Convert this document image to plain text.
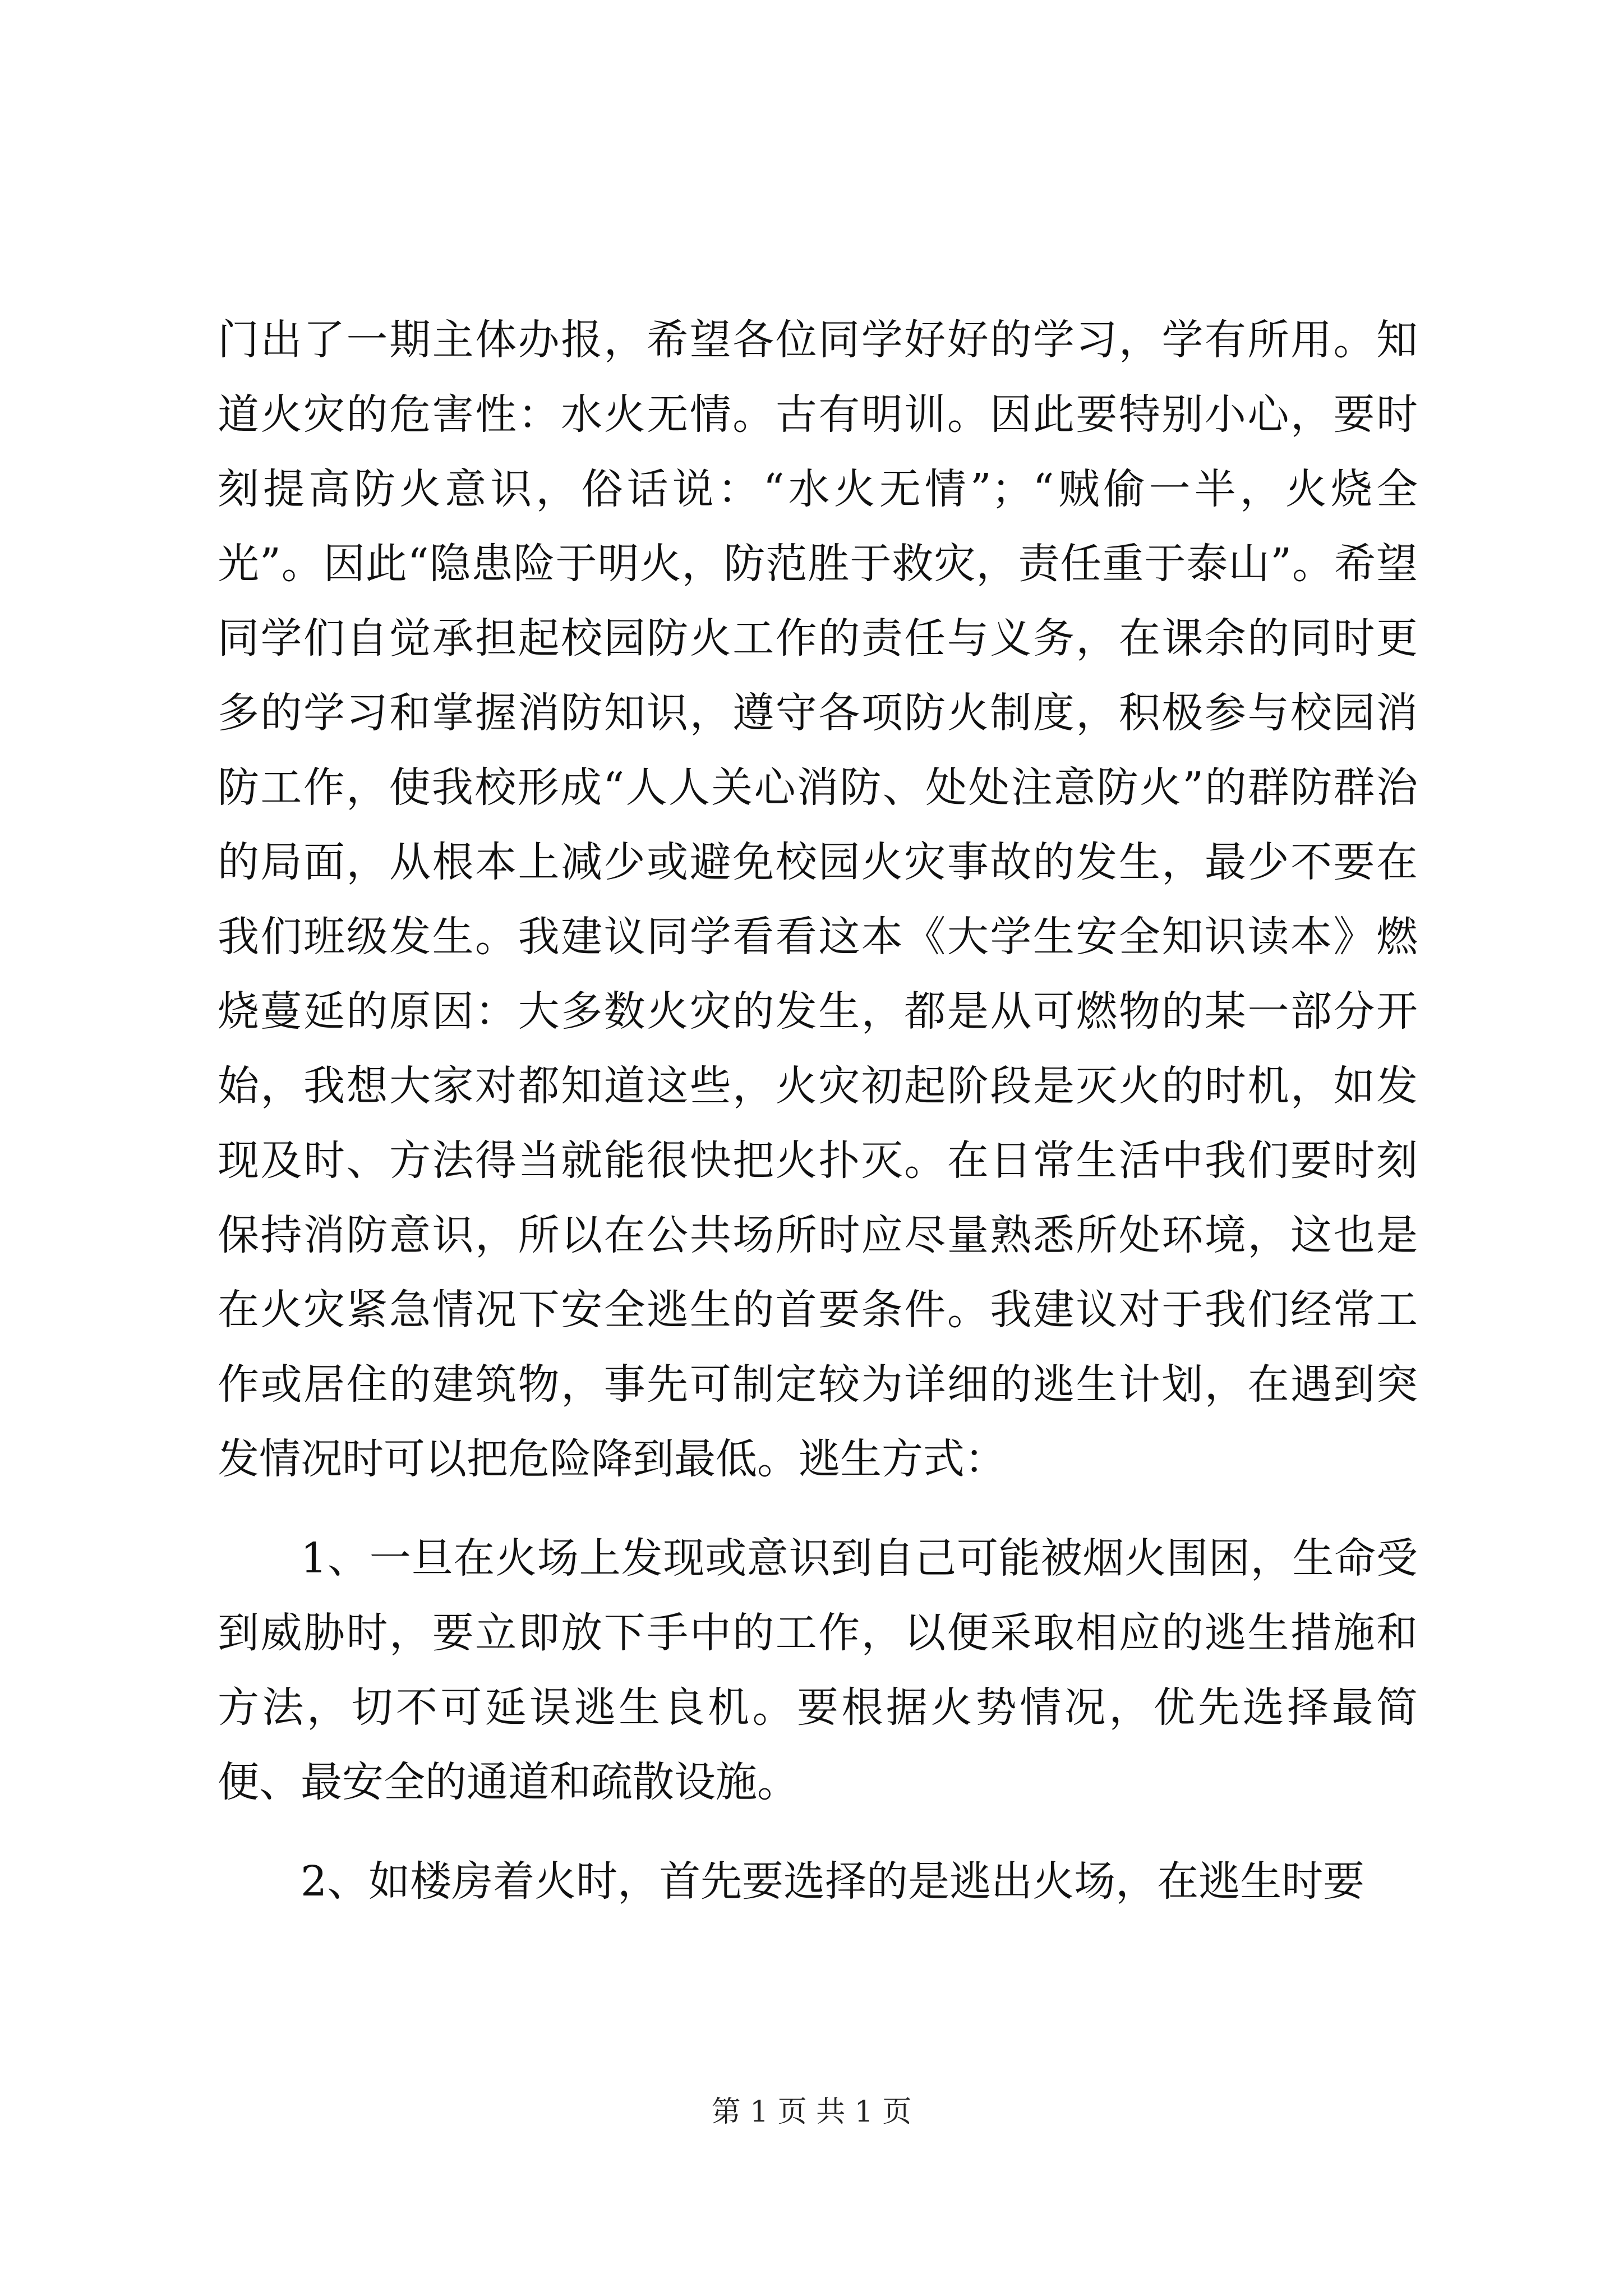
门出了一期主体办报，希望各位同学好好的学习，学有所用。知道火灾的危害性：水火无情。古有明训。因此要特别小心，要时刻提高防火意识，俗话说：“水火无情”；“贼偷一半，火烧全光”。因此“隐患险于明火，防范胜于救灾，责任重于泰山”。希望同学们自觉承担起校园防火工作的责任与义务，在课余的同时更多的学习和掌握消防知识，遵守各项防火制度，积极参与校园消防工作，使我校形成“人人关心消防、处处注意防火”的群防群治的局面，从根本上减少或避免校园火灾事故的发生，最少不要在我们班级发生。我建议同学看看这本《大学生安全知识读本》燃烧蔓延的原因：大多数火灾的发生，都是从可燃物的某一部分开始，我想大家对都知道这些，火灾初起阶段是灭火的时机，如发现及时、方法得当就能很快把火扑灭。在日常生活中我们要时刻保持消防意识，所以在公共场所时应尽量熟悉所处环境，这也是在火灾紧急情况下安全逃生的首要条件。我建议对于我们经常工作或居住的建筑物，事先可制定较为详细的逃生计划，在遇到突发情况时可以把危险降到最低。逃生方式：

1、一旦在火场上发现或意识到自己可能被烟火围困，生命受到威胁时，要立即放下手中的工作，以便采取相应的逃生措施和方法，切不可延误逃生良机。要根据火势情况，优先选择最简便、最安全的通道和疏散设施。

2、如楼房着火时，首先要选择的是逃出火场，在逃生时要

第 1 页 共 1 页
